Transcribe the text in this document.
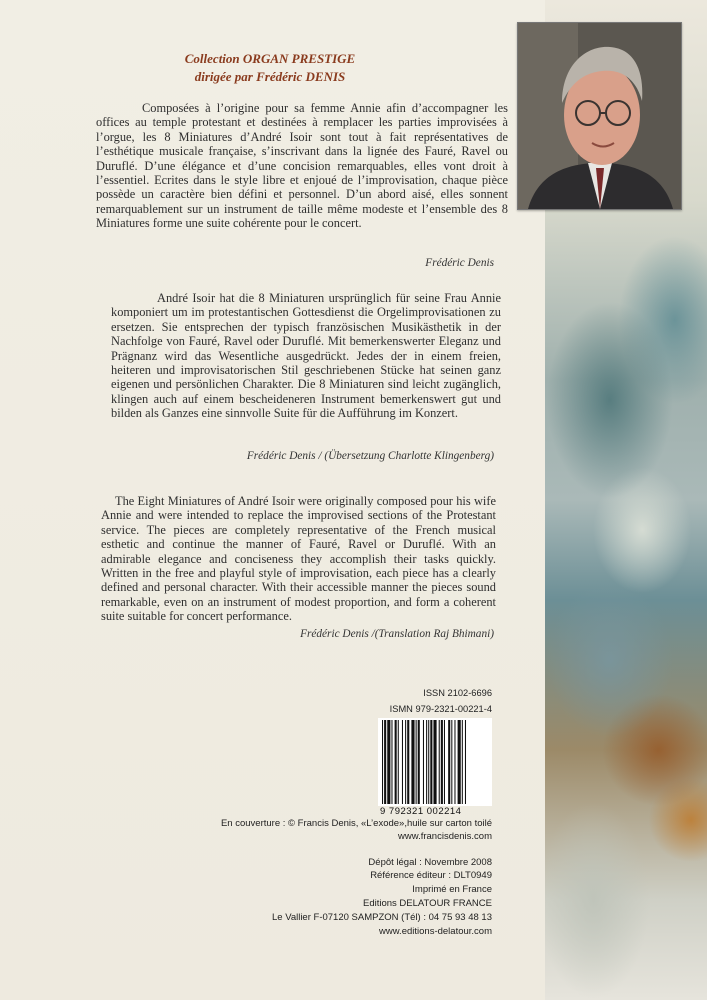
Collection ORGAN PRESTIGE
dirigée par Frédéric DENIS

Composées à l’origine pour sa femme Annie afin d’accompagner les offices au temple protestant et destinées à remplacer les parties improvisées à l’orgue, les 8 Miniatures d’André Isoir sont tout à fait représentatives de l’esthétique musicale française, s’inscrivant dans la lignée des Fauré, Ravel ou Duruflé. D’une élégance et d’une concision remarquables, elles vont droit à l’essentiel. Ecrites dans le style libre et enjoué de l’improvisation, chaque pièce possède un caractère bien défini et personnel. D’un abord aisé, elles sonnent remarquablement sur un instrument de taille même modeste et l’ensemble des 8 Miniatures forme une suite cohérente pour le concert.

Frédéric Denis

André Isoir hat die 8 Miniaturen ursprünglich für seine Frau Annie komponiert um im protestantischen Gottesdienst die Orgelimprovisationen zu ersetzen. Sie entsprechen der typisch französischen Musikästhetik in der Nachfolge von Fauré, Ravel oder Duruflé. Mit bemerkenswerter Eleganz und Prägnanz wird das Wesentliche ausgedrückt. Jedes der in einem freien, heiteren und improvisatorischen Stil geschriebenen Stücke hat seinen ganz eigenen und persönlichen Charakter. Die 8 Miniaturen sind leicht zugänglich, klingen auch auf einem bescheideneren Instrument bemerkenswert gut und bilden als Ganzes eine sinnvolle Suite für die Aufführung im Konzert.

Frédéric Denis / (Übersetzung Charlotte Klingenberg)

The Eight Miniatures of André Isoir were originally composed pour his wife Annie and were intended to replace the improvised sections of the Protestant service. The pieces are completely representative of the French musical esthetic and continue the manner of Fauré, Ravel or Duruflé. With an admirable elegance and conciseness they accomplish their tasks quickly. Written in the free and playful style of improvisation, each piece has a clearly defined and personal character. With their accessible manner the pieces sound remarkable, even on an instrument of modest proportion, and form a coherent suite suitable for concert performance.

Frédéric Denis /(Translation Raj Bhimani)
ISSN 2102-6696
ISMN 979-2321-00221-4
9 792321 002214
En couverture : © Francis Denis, «L’exode»,huile sur carton toilé
www.francisdenis.com
Dépôt légal : Novembre 2008
Référence éditeur : DLT0949
Imprimé en France
Editions DELATOUR FRANCE
Le Vallier F-07120 SAMPZON (Tél) : 04 75 93 48 13
www.editions-delatour.com
